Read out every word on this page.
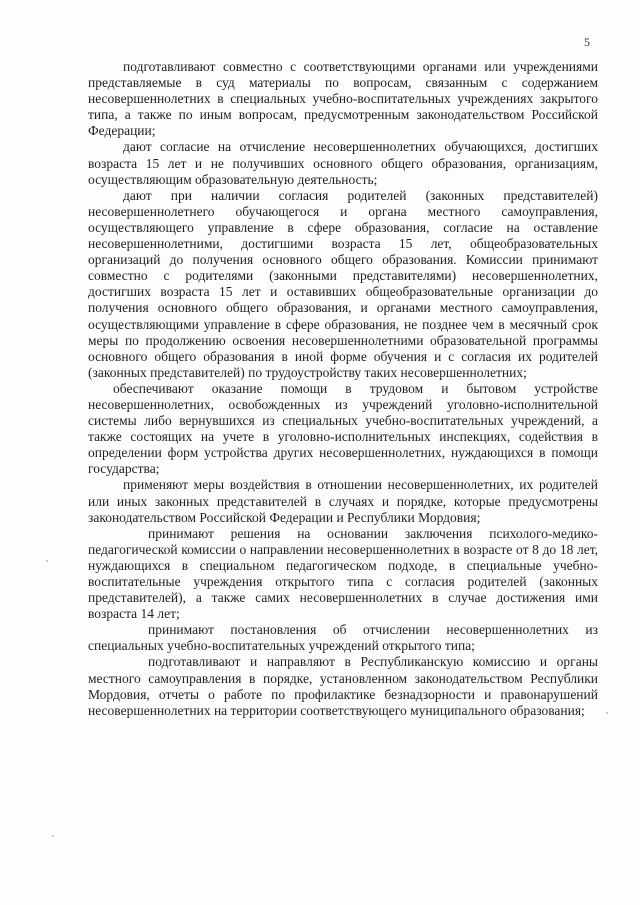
5

подготавливают совместно с соответствующими органами или учреждениями представляемые в суд материалы по вопросам, связанным с содержанием несовершеннолетних в специальных учебно-воспитательных учреждениях закрытого типа, а также по иным вопросам, предусмотренным законодательством Российской Федерации;

дают согласие на отчисление несовершеннолетних обучающихся, достигших возраста 15 лет и не получивших основного общего образования, организациям, осуществляющим образовательную деятельность;

дают при наличии согласия родителей (законных представителей) несовершеннолетнего обучающегося и органа местного самоуправления, осуществляющего управление в сфере образования, согласие на оставление несовершеннолетними, достигшими возраста 15 лет, общеобразовательных организаций до получения основного общего образования. Комиссии принимают совместно с родителями (законными представителями) несовершеннолетних, достигших возраста 15 лет и оставивших общеобразовательные организации до получения основного общего образования, и органами местного самоуправления, осуществляющими управление в сфере образования, не позднее чем в месячный срок меры по продолжению освоения несовершеннолетними образовательной программы основного общего образования в иной форме обучения и с согласия их родителей (законных представителей) по трудоустройству таких несовершеннолетних;

обеспечивают оказание помощи в трудовом и бытовом устройстве несовершеннолетних, освобожденных из учреждений уголовно-исполнительной системы либо вернувшихся из специальных учебно-воспитательных учреждений, а также состоящих на учете в уголовно-исполнительных инспекциях, содействия в определении форм устройства других несовершеннолетних, нуждающихся в помощи государства;

применяют меры воздействия в отношении несовершеннолетних, их родителей или иных законных представителей в случаях и порядке, которые предусмотрены законодательством Российской Федерации и Республики Мордовия;

принимают решения на основании заключения психолого-медико-педагогической комиссии о направлении несовершеннолетних в возрасте от 8 до 18 лет, нуждающихся в специальном педагогическом подходе, в специальные учебно-воспитательные учреждения открытого типа с согласия родителей (законных представителей), а также самих несовершеннолетних в случае достижения ими возраста 14 лет;

принимают постановления об отчислении несовершеннолетних из специальных учебно-воспитательных учреждений открытого типа;

подготавливают и направляют в Республиканскую комиссию и органы местного самоуправления в порядке, установленном законодательством Республики Мордовия, отчеты о работе по профилактике безнадзорности и правонарушений несовершеннолетних на территории соответствующего муниципального образования;
